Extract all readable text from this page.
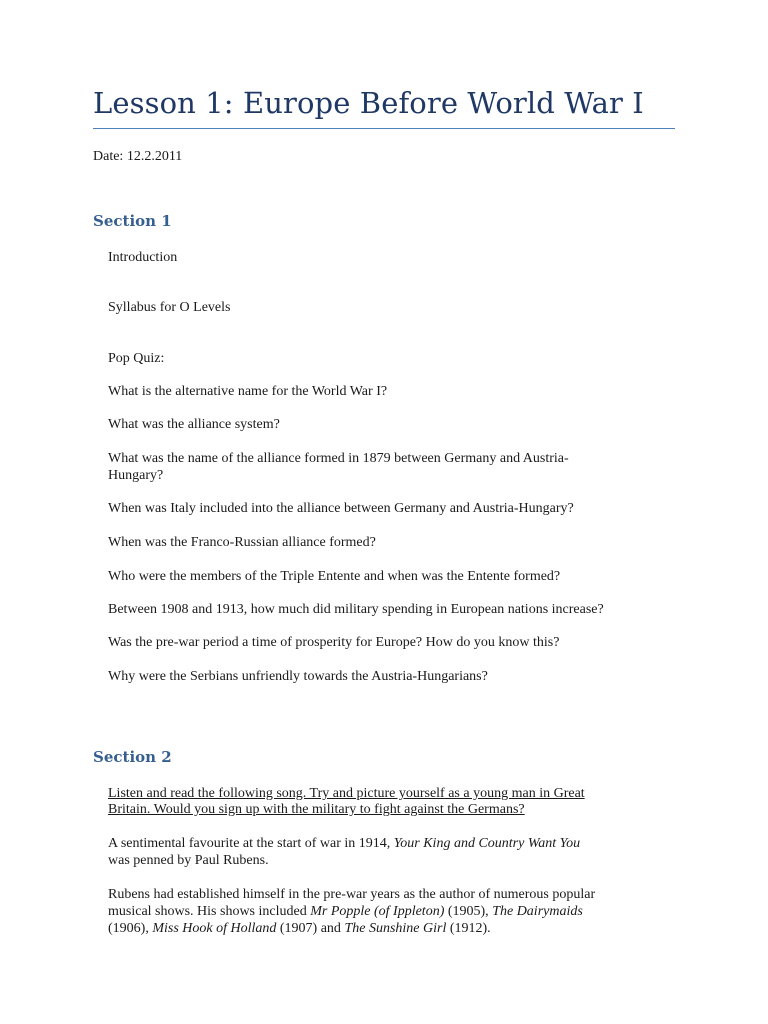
Lesson 1: Europe Before World War I
Date: 12.2.2011
Section 1
Introduction
Syllabus for O Levels
Pop Quiz:
What is the alternative name for the World War I?
What was the alliance system?
What was the name of the alliance formed in 1879 between Germany and Austria-
Hungary?
When was Italy included into the alliance between Germany and Austria-Hungary?
When was the Franco-Russian alliance formed?
Who were the members of the Triple Entente and when was the Entente formed?
Between 1908 and 1913, how much did military spending in European nations increase?
Was the pre-war period a time of prosperity for Europe? How do you know this?
Why were the Serbians unfriendly towards the Austria-Hungarians?
Section 2
Listen and read the following song. Try and picture yourself as a young man in Great
Britain. Would you sign up with the military to fight against the Germans?
A sentimental favourite at the start of war in 1914, Your King and Country Want You
was penned by Paul Rubens.
Rubens had established himself in the pre-war years as the author of numerous popular
musical shows. His shows included Mr Popple (of Ippleton) (1905), The Dairymaids
(1906), Miss Hook of Holland (1907) and The Sunshine Girl (1912).
